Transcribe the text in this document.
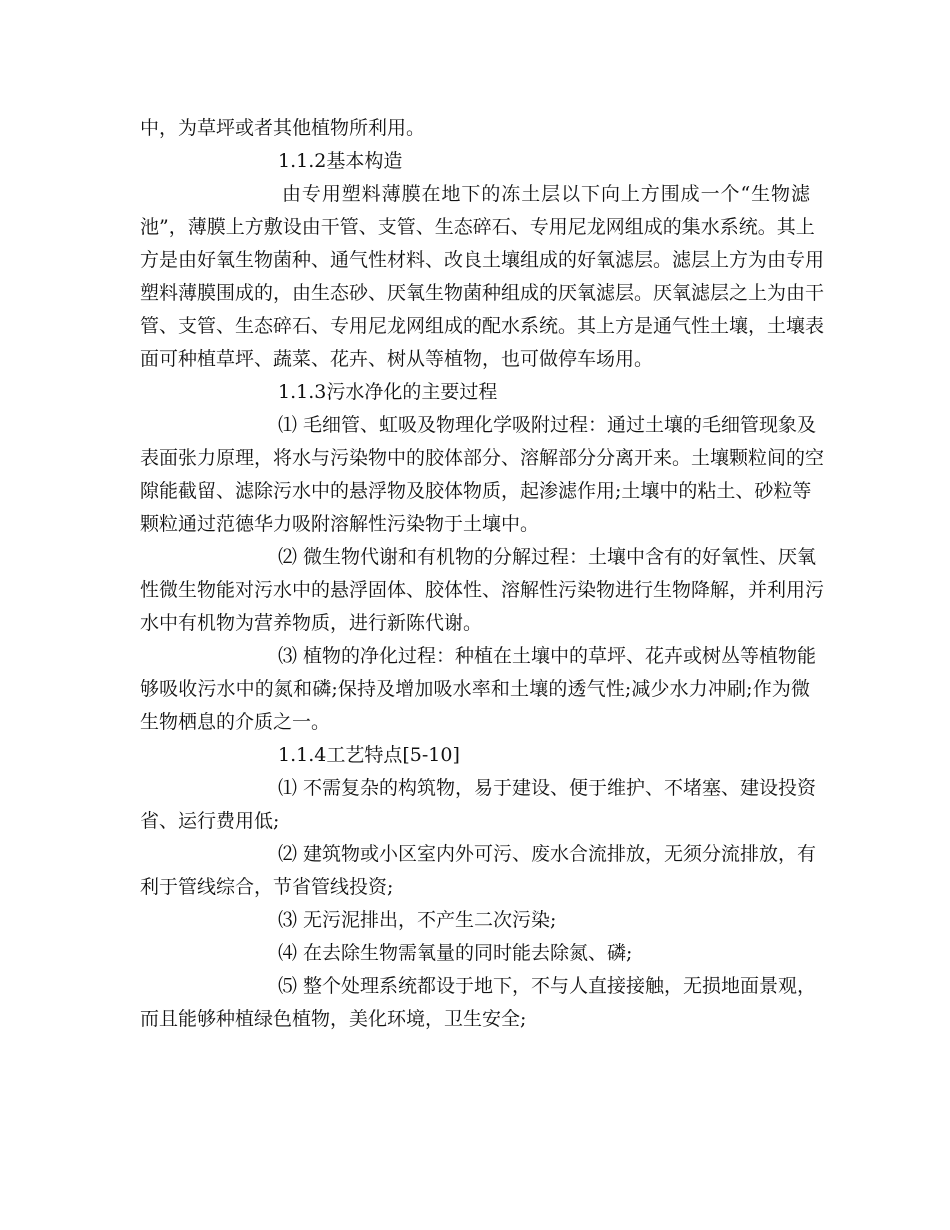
中，为草坪或者其他植物所利用。

1.1.2基本构造

由专用塑料薄膜在地下的冻土层以下向上方围成一个“生物滤

池”，薄膜上方敷设由干管、支管、生态碎石、专用尼龙网组成的集水系统。其上

方是由好氧生物菌种、通气性材料、改良土壤组成的好氧滤层。滤层上方为由专用

塑料薄膜围成的，由生态砂、厌氧生物菌种组成的厌氧滤层。厌氧滤层之上为由干

管、支管、生态碎石、专用尼龙网组成的配水系统。其上方是通气性土壤，土壤表

面可种植草坪、蔬菜、花卉、树从等植物，也可做停车场用。

1.1.3污水净化的主要过程

⑴ 毛细管、虹吸及物理化学吸附过程：通过土壤的毛细管现象及

表面张力原理，将水与污染物中的胶体部分、溶解部分分离开来。土壤颗粒间的空

隙能截留、滤除污水中的悬浮物及胶体物质，起渗滤作用;土壤中的粘土、砂粒等

颗粒通过范德华力吸附溶解性污染物于土壤中。

⑵ 微生物代谢和有机物的分解过程：土壤中含有的好氧性、厌氧

性微生物能对污水中的悬浮固体、胶体性、溶解性污染物进行生物降解，并利用污

水中有机物为营养物质，进行新陈代谢。

⑶ 植物的净化过程：种植在土壤中的草坪、花卉或树丛等植物能

够吸收污水中的氮和磷;保持及增加吸水率和土壤的透气性;减少水力冲刷;作为微

生物栖息的介质之一。

1.1.4工艺特点[5-10]

⑴ 不需复杂的构筑物，易于建设、便于维护、不堵塞、建设投资

省、运行费用低;

⑵ 建筑物或小区室内外可污、废水合流排放，无须分流排放，有

利于管线综合，节省管线投资;

⑶ 无污泥排出，不产生二次污染;

⑷ 在去除生物需氧量的同时能去除氮、磷;

⑸ 整个处理系统都设于地下，不与人直接接触，无损地面景观，

而且能够种植绿色植物，美化环境，卫生安全;
